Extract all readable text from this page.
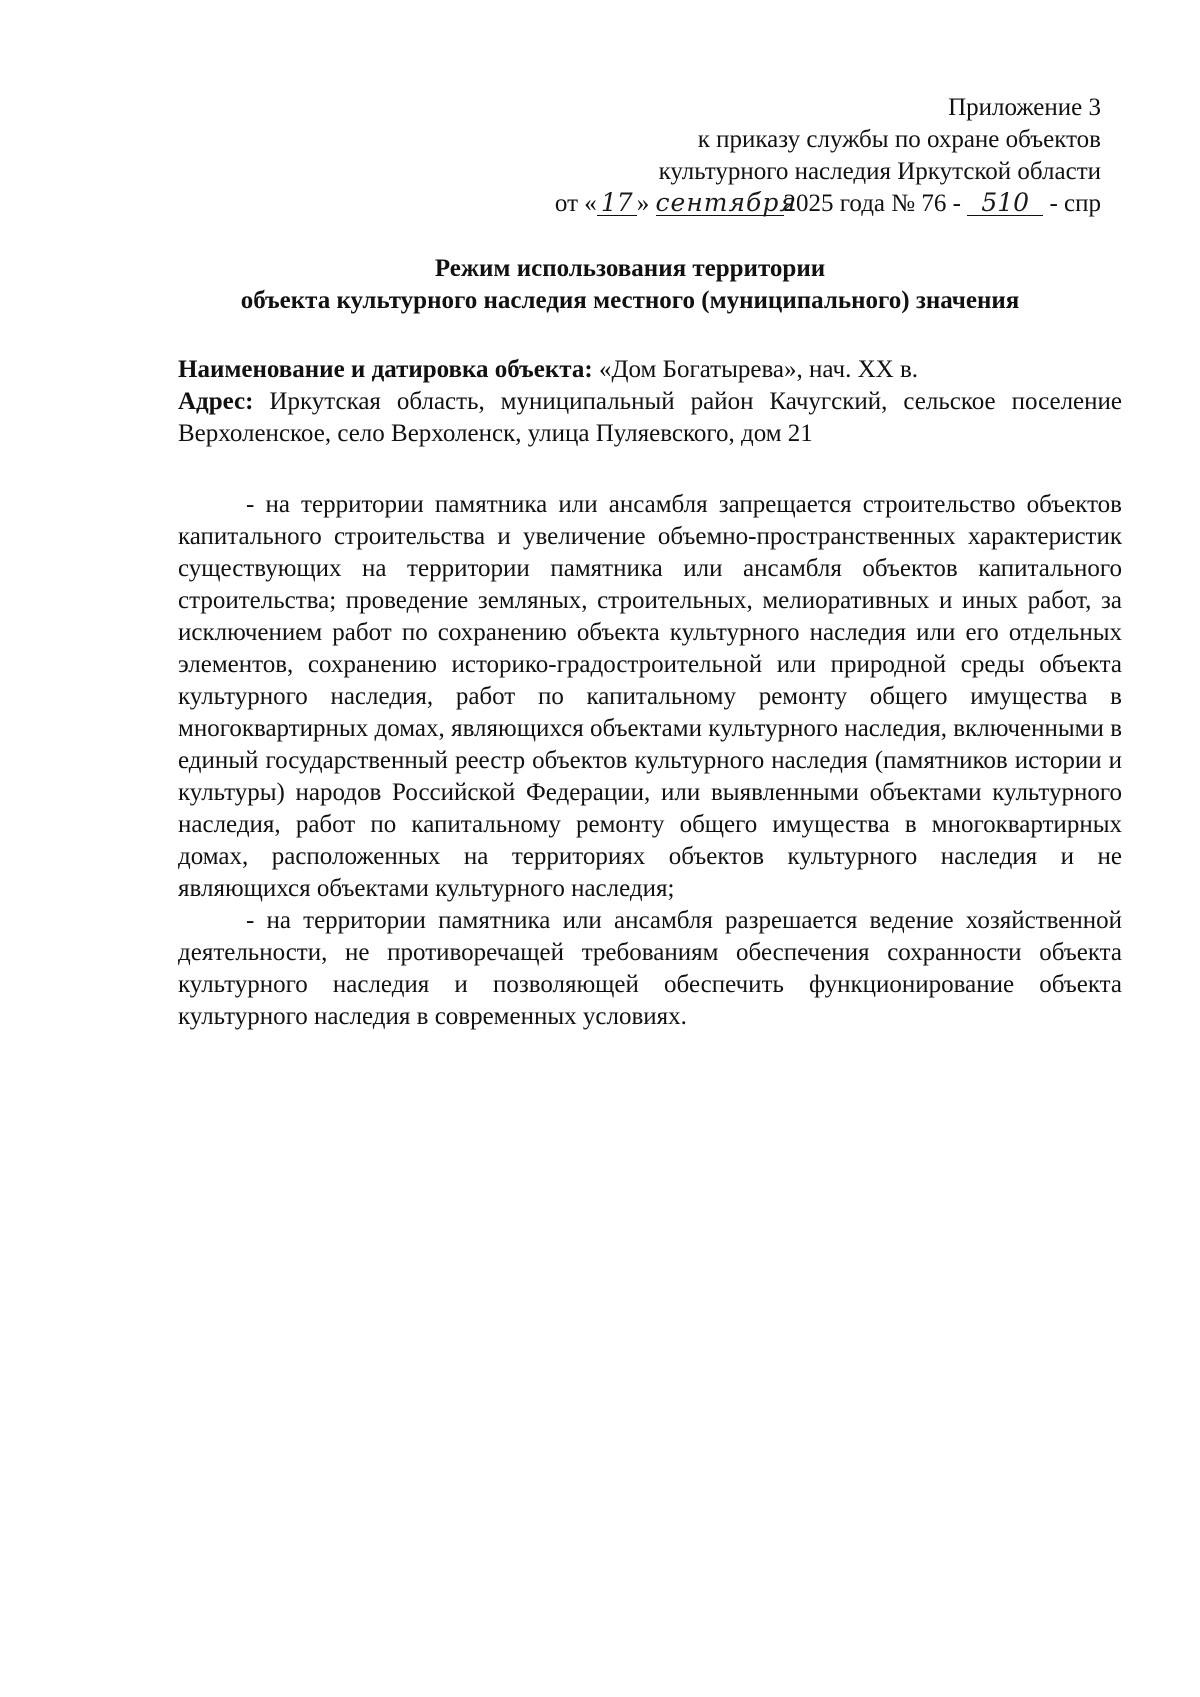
Приложение 3
к приказу службы по охране объектов
культурного наследия Иркутской области
от « 17 » сентября2025 года № 76 - 510 - спр
Режим использования территории
объекта культурного наследия местного (муниципального) значения

Наименование и датировка объекта: «Дом Богатырева», нач. XX в.

Адрес: Иркутская область, муниципальный район Качугский, сельское поселение Верхоленское, село Верхоленск, улица Пуляевского, дом 21

- на территории памятника или ансамбля запрещается строительство объектов капитального строительства и увеличение объемно-пространственных характеристик существующих на территории памятника или ансамбля объектов капитального строительства; проведение земляных, строительных, мелиоративных и иных работ, за исключением работ по сохранению объекта культурного наследия или его отдельных элементов, сохранению историко-градостроительной или природной среды объекта культурного наследия, работ по капитальному ремонту общего имущества в многоквартирных домах, являющихся объектами культурного наследия, включенными в единый государственный реестр объектов культурного наследия (памятников истории и культуры) народов Российской Федерации, или выявленными объектами культурного наследия, работ по капитальному ремонту общего имущества в многоквартирных домах, расположенных на территориях объектов культурного наследия и не являющихся объектами культурного наследия;

- на территории памятника или ансамбля разрешается ведение хозяйственной деятельности, не противоречащей требованиям обеспечения сохранности объекта культурного наследия и позволяющей обеспечить функционирование объекта культурного наследия в современных условиях.
